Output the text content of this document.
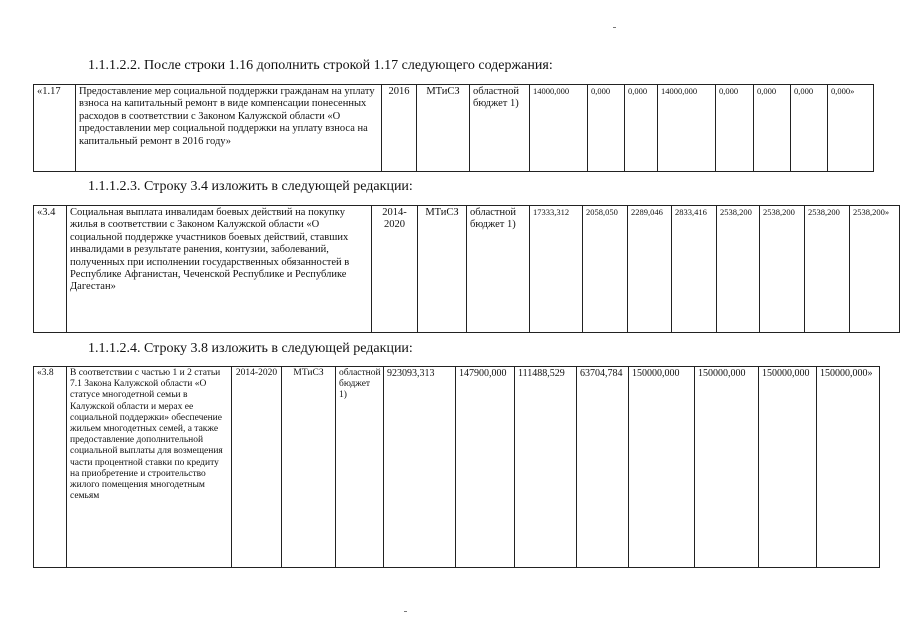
1.1.1.2.2. После строки 1.16 дополнить строкой 1.17 следующего содержания:
«1.17	Предоставление мер социальной поддержки гражданам на уплату взноса на капитальный ремонт в виде компенсации понесенных расходов в соответствии с Законом Калужской области «О предоставлении мер социальной поддержки на уплату взноса на капитальный ремонт в 2016 году»	2016	МТиСЗ	областной бюджет 1)	14000,000	0,000	0,000	14000,000	0,000	0,000	0,000	0,000»
1.1.1.2.3. Строку 3.4 изложить в следующей редакции:
«3.4	Социальная выплата инвалидам боевых действий на покупку жилья в соответствии с Законом Калужской области «О социальной поддержке участников боевых действий, ставших инвалидами в результате ранения, контузии, заболеваний, полученных при исполнении государственных обязанностей в Республике Афганистан, Чеченской Республике и Республике Дагестан»	2014-2020	МТиСЗ	областной бюджет 1)	17333,312	2058,050	2289,046	2833,416	2538,200	2538,200	2538,200	2538,200»
1.1.1.2.4. Строку 3.8 изложить в следующей редакции:
«3.8	В соответствии с частью 1 и 2 статьи 7.1 Закона Калужской области «О статусе многодетной семьи в Калужской области и мерах ее социальной поддержки» обеспечение жильем многодетных семей, а также предоставление дополнительной социальной выплаты для возмещения части процентной ставки по кредиту на приобретение и строительство жилого помещения многодетным семьям	2014-2020	МТиСЗ	областной бюджет 1)	923093,313	147900,000	111488,529	63704,784	150000,000	150000,000	150000,000	150000,000»
